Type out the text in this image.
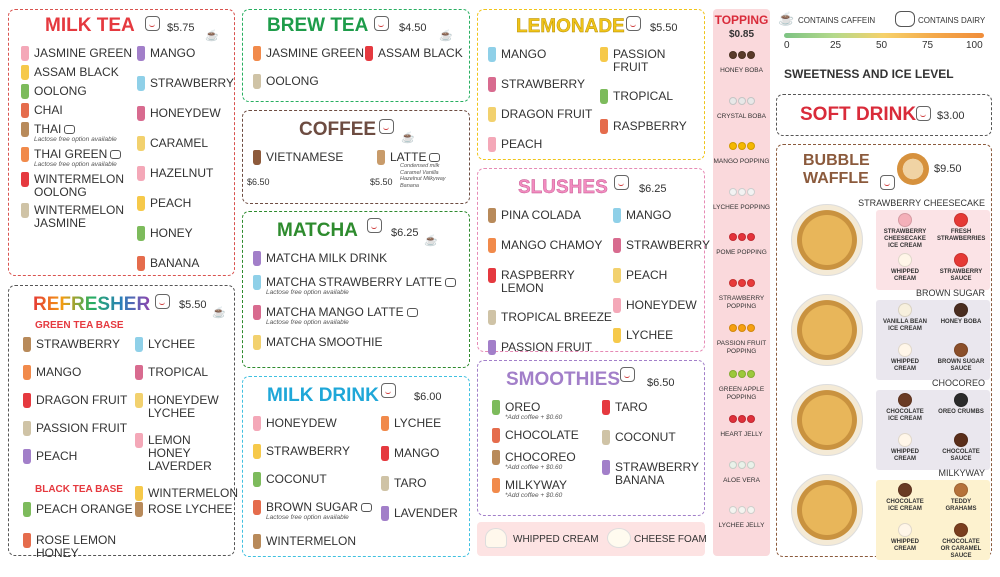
MILK TEA	$5.75
☕
JASMINE GREEN
ASSAM BLACK
OOLONG
CHAI
THAI
Lactose free option available
THAI GREEN
Lactose free option available
WINTERMELON OOLONG
WINTERMELON JASMINE
MANGO
STRAWBERRY
HONEYDEW
CARAMEL
HAZELNUT
PEACH
HONEY
BANANA
REFRESHER	$5.50
☕
GREEN TEA BASE
STRAWBERRY
MANGO
DRAGON FRUIT
PASSION FRUIT
PEACH
LYCHEE
TROPICAL
HONEYDEW LYCHEE
LEMON HONEY LAVERDER
WINTERMELON
BLACK TEA BASE
PEACH ORANGE
ROSE LEMON HONEY
ROSE LYCHEE
BREW TEA	$4.50
☕
JASMINE GREEN ASSAM BLACK
OOLONG
COFFEE ☕
VIETNAMESE
$6.50
LATTE
Condensed milk Caramel Vanilla Hazelnut Milkyway Banana
$5.50
MATCHA	$6.25
☕
MATCHA MILK DRINK
MATCHA STRAWBERRY LATTE
Lactose free option available
MATCHA MANGO LATTE
Lactose free option available
MATCHA SMOOTHIE
MILK DRINK	$6.00
HONEYDEW
STRAWBERRY
COCONUT
BROWN SUGAR
Lactose free option available
WINTERMELON
LYCHEE
MANGO
TARO
LAVENDER
LEMONADE $5.50
MANGO
STRAWBERRY
DRAGON FRUIT
PEACH
PASSION FRUIT
TROPICAL
RASPBERRY
SLUSHES	$6.25
PINA COLADA
MANGO CHAMOY
RASPBERRY LEMON
TROPICAL BREEZE
PASSION FRUIT
MANGO
STRAWBERRY
PEACH
HONEYDEW
LYCHEE
SMOOTHIES $6.50
OREO
*Add coffee + $0.60
CHOCOLATE
CHOCOREO
*Add coffee + $0.60
MILKYWAY
*Add coffee + $0.60
TARO
COCONUT
STRAWBERRY BANANA
WHIPPED CREAM	CHEESE FOAM
TOPPING
$0.85
HONEY BOBA
CRYSTAL BOBA
MANGO POPPING
LYCHEE POPPING
POME POPPING
STRAWBERRY POPPING
PASSION FRUIT POPPING
GREEN APPLE POPPING
HEART JELLY
ALOE VERA
LYCHEE JELLY
☕ CONTAINS CAFFEIN	CONTAINS DAIRY
0	25	50	75	100
SWEETNESS AND ICE LEVEL
SOFT DRINK $3.00
BUBBLE
WAFFLE
$9.50
STRAWBERRY CHEESECAKE
STRAWBERRY CHEESECAKE ICE CREAM
FRESH STRAWBERRIES
WHIPPED CREAM
STRAWBERRY SAUCE
BROWN SUGAR
VANILLA BEAN ICE CREAM
HONEY BOBA
WHIPPED CREAM
BROWN SUGAR SAUCE
CHOCOREO
CHOCOLATE ICE CREAM
OREO CRUMBS
WHIPPED CREAM
CHOCOLATE SAUCE
MILKYWAY
CHOCOLATE ICE CREAM
TEDDY GRAHAMS
WHIPPED CREAM
CHOCOLATE OR CARAMEL SAUCE
